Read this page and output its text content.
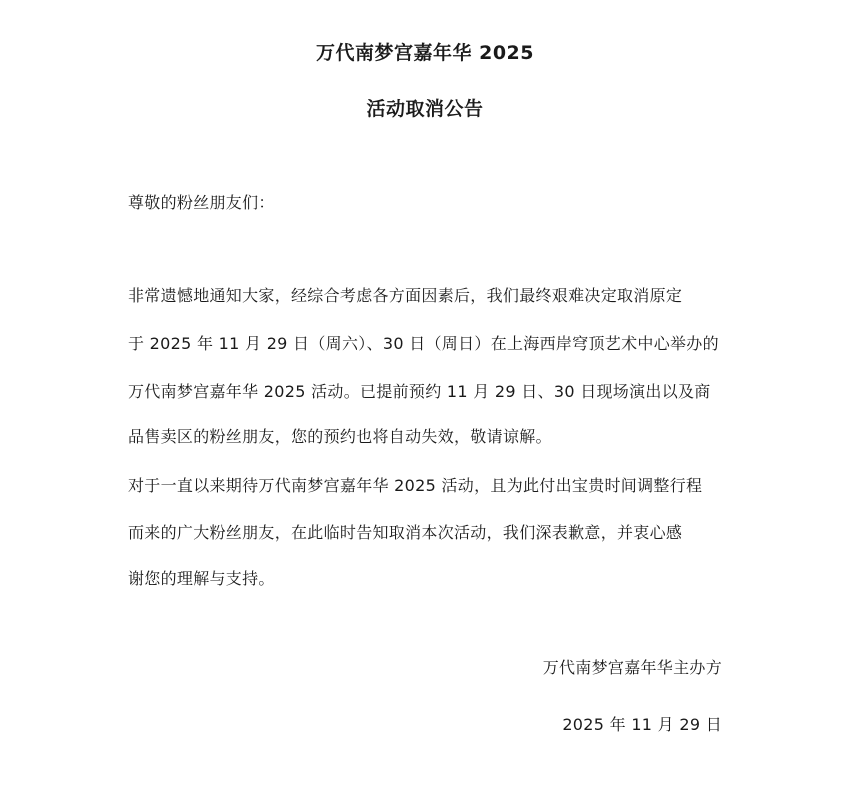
万代南梦宫嘉年华 2025
活动取消公告
尊敬的粉丝朋友们：
非常遗憾地通知大家，经综合考虑各方面因素后，我们最终艰难决定取消原定
于 2025 年 11 月 29 日（周六）、30 日（周日）在上海西岸穹顶艺术中心举办的
万代南梦宫嘉年华 2025 活动。已提前预约 11 月 29 日、30 日现场演出以及商
品售卖区的粉丝朋友，您的预约也将自动失效，敬请谅解。
对于一直以来期待万代南梦宫嘉年华 2025 活动，且为此付出宝贵时间调整行程
而来的广大粉丝朋友，在此临时告知取消本次活动，我们深表歉意，并衷心感
谢您的理解与支持。
万代南梦宫嘉年华主办方
2025 年 11 月 29 日
